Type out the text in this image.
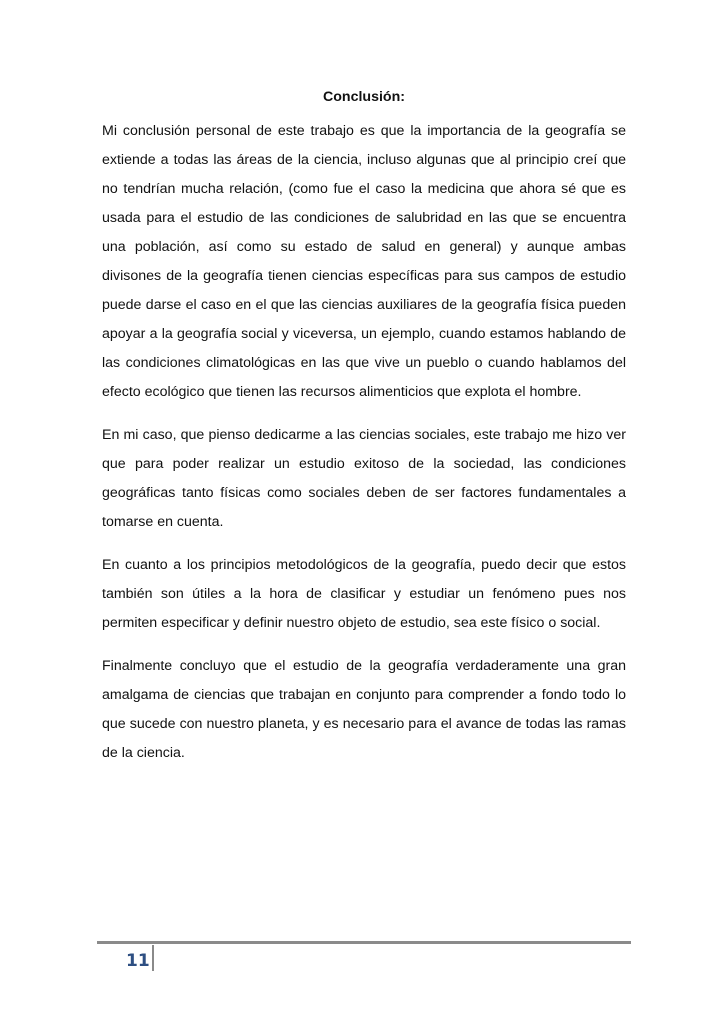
Conclusión:

Mi conclusión personal de este trabajo es que la importancia de la geografía se extiende a todas las áreas de la ciencia, incluso algunas que al principio creí que no tendrían mucha relación, (como fue el caso la medicina que ahora sé que es usada para el estudio de las condiciones de salubridad en las que se encuentra una población, así como su estado de salud en general) y aunque ambas divisones de la geografía tienen ciencias específicas para sus campos de estudio puede darse el caso en el que las ciencias auxiliares de la geografía física pueden apoyar a la geografía social y viceversa, un ejemplo, cuando estamos hablando de las condiciones climatológicas en las que vive un pueblo o cuando hablamos del efecto ecológico que tienen las recursos alimenticios que explota el hombre.

En mi caso, que pienso dedicarme a las ciencias sociales, este trabajo me hizo ver que para poder realizar un estudio exitoso de la sociedad, las condiciones geográficas tanto físicas como sociales deben de ser factores fundamentales a tomarse en cuenta.

En cuanto a los principios metodológicos de la geografía, puedo decir que estos también son útiles a la hora de clasificar y estudiar un fenómeno pues nos permiten especificar y definir nuestro objeto de estudio, sea este físico o social.

Finalmente concluyo que el estudio de la geografía verdaderamente una gran amalgama de ciencias que trabajan en conjunto para comprender a fondo todo lo que sucede con nuestro planeta, y es necesario para el avance de todas las ramas de la ciencia.

11
